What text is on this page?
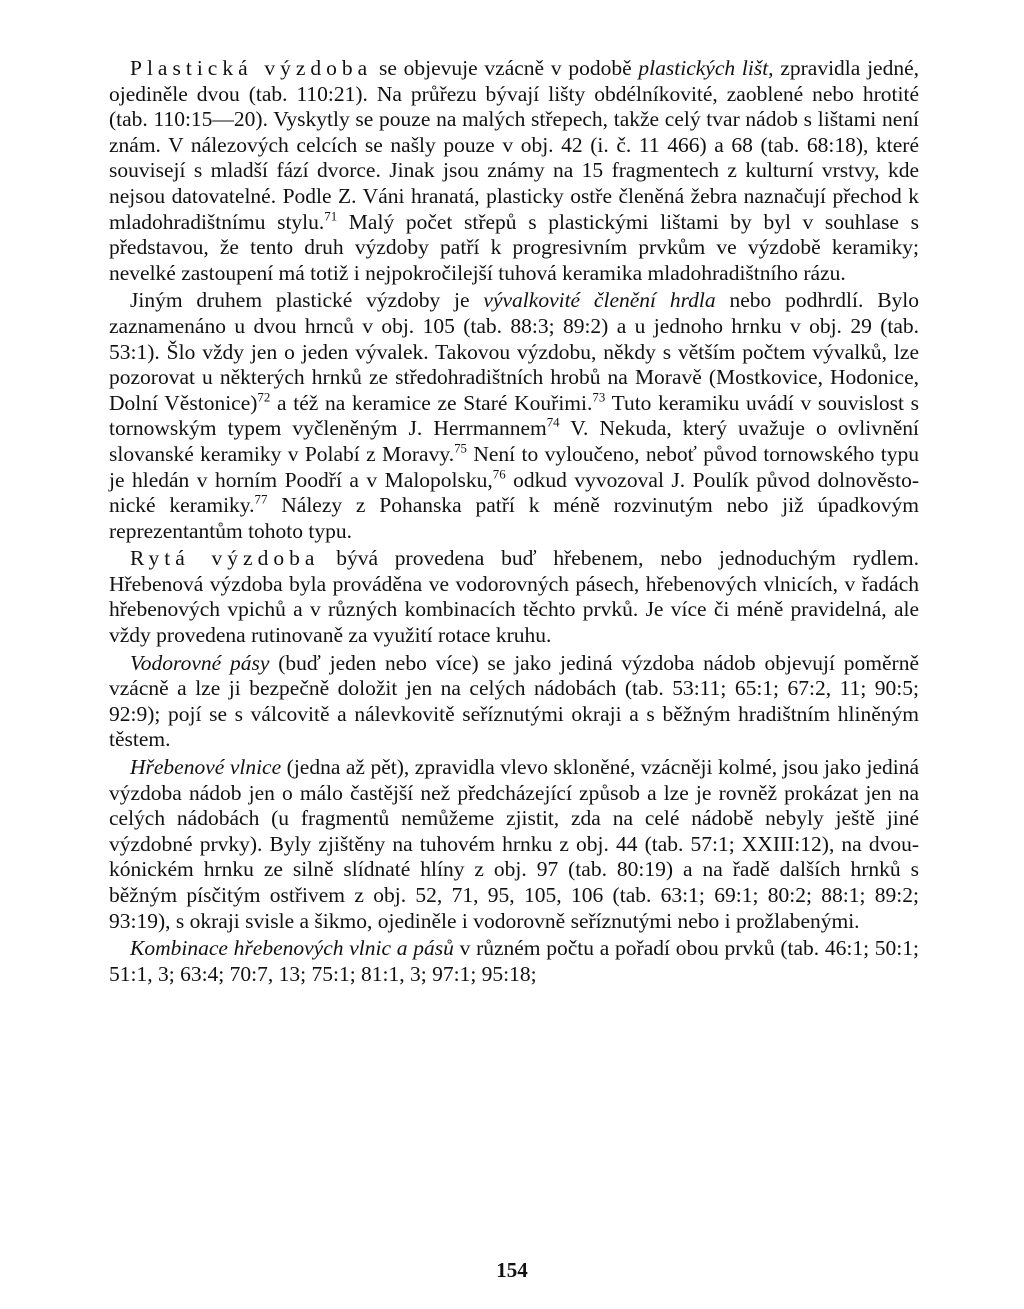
Plastická výzdoba se objevuje vzácně v podobě plastických lišt, zpravidla jedné, ojediněle dvou (tab. 110:21). Na průřezu bývají lišty obdélníkovité, zaoblené nebo hrotité (tab. 110:15—20). Vyskytly se pouze na malých střepech, takže celý tvar nádob s lištami není znám. V nálezových celcích se našly pouze v obj. 42 (i. č. 11 466) a 68 (tab. 68:18), které souvisejí s mladší fází dvorce. Jinak jsou známy na 15 fragmentech z kulturní vrstvy, kde nejsou datovatelné. Podle Z. Váni hranatá, plasticky ostře členěná žebra naznačují přechod k mladohradištnímu stylu.$^{71}$ Malý počet střepů s plastickými lištami by byl v souhlase s představou, že tento druh výzdoby patří k progresivním prvkům ve výzdobě keramiky; nevelké zastoupení má totiž i nejpokročilejší tuhová keramika mladohradištního rázu.

Jiným druhem plastické výzdoby je vývalkovité členění hrdla nebo podhrdlí. Bylo zaznamenáno u dvou hrnců v obj. 105 (tab. 88:3; 89:2) a u jednoho hrnku v obj. 29 (tab. 53:1). Šlo vždy jen o jeden vývalek. Takovou výzdobu, někdy s větším počtem vývalků, lze pozorovat u některých hrnků ze středohradištních hrobů na Moravě (Mostkovice, Hodonice, Dolní Věstonice)$^{72}$ a též na keramice ze Staré Kouřimi.$^{73}$ Tuto keramiku uvádí v souvislost s tornowským typem vyčleněným J. Herrmannem$^{74}$ V. Nekuda, který uvažuje o ovlivnění slovanské keramiky v Polabí z Moravy.$^{75}$ Není to vyloučeno, neboť původ tornowského typu je hledán v horním Poodří a v Malopolsku,$^{76}$ odkud vyvozoval J. Poulík původ dolnověstonické keramiky.$^{77}$ Nálezy z Pohanska patří k méně rozvinutým nebo již úpadkovým reprezentantům tohoto typu.

Rytá výzdoba bývá provedena buď hřebenem, nebo jednoduchým rydlem. Hřebenová výzdoba byla prováděna ve vodorovných pásech, hřebenových vlnicích, v řadách hřebenových vpichů a v různých kombinacích těchto prvků. Je více či méně pravidelná, ale vždy provedena rutinovaně za využití rotace kruhu.

Vodorovné pásy (buď jeden nebo více) se jako jediná výzdoba nádob objevují poměrně vzácně a lze ji bezpečně doložit jen na celých nádobách (tab. 53:11; 65:1; 67:2, 11; 90:5; 92:9); pojí se s válcovitě a nálevkovitě seříznutými okraji a s běžným hradištním hliněným těstem.

Hřebenové vlnice (jedna až pět), zpravidla vlevo skloněné, vzácněji kolmé, jsou jako jediná výzdoba nádob jen o málo častější než předcházející způsob a lze je rovněž prokázat jen na celých nádobách (u fragmentů nemůžeme zjistit, zda na celé nádobě nebyly ještě jiné výzdobné prvky). Byly zjištěny na tuhovém hrnku z obj. 44 (tab. 57:1; XXIII:12), na dvoukónickém hrnku ze silně slídnaté hlíny z obj. 97 (tab. 80:19) a na řadě dalších hrnků s běžným písčitým ostřivem z obj. 52, 71, 95, 105, 106 (tab. 63:1; 69:1; 80:2; 88:1; 89:2; 93:19), s okraji svisle a šikmo, ojediněle i vodorovně seříznutými nebo i prožlabenými.

Kombinace hřebenových vlnic a pásů v různém počtu a pořadí obou prvků (tab. 46:1; 50:1; 51:1, 3; 63:4; 70:7, 13; 75:1; 81:1, 3; 97:1; 95:18;

154
